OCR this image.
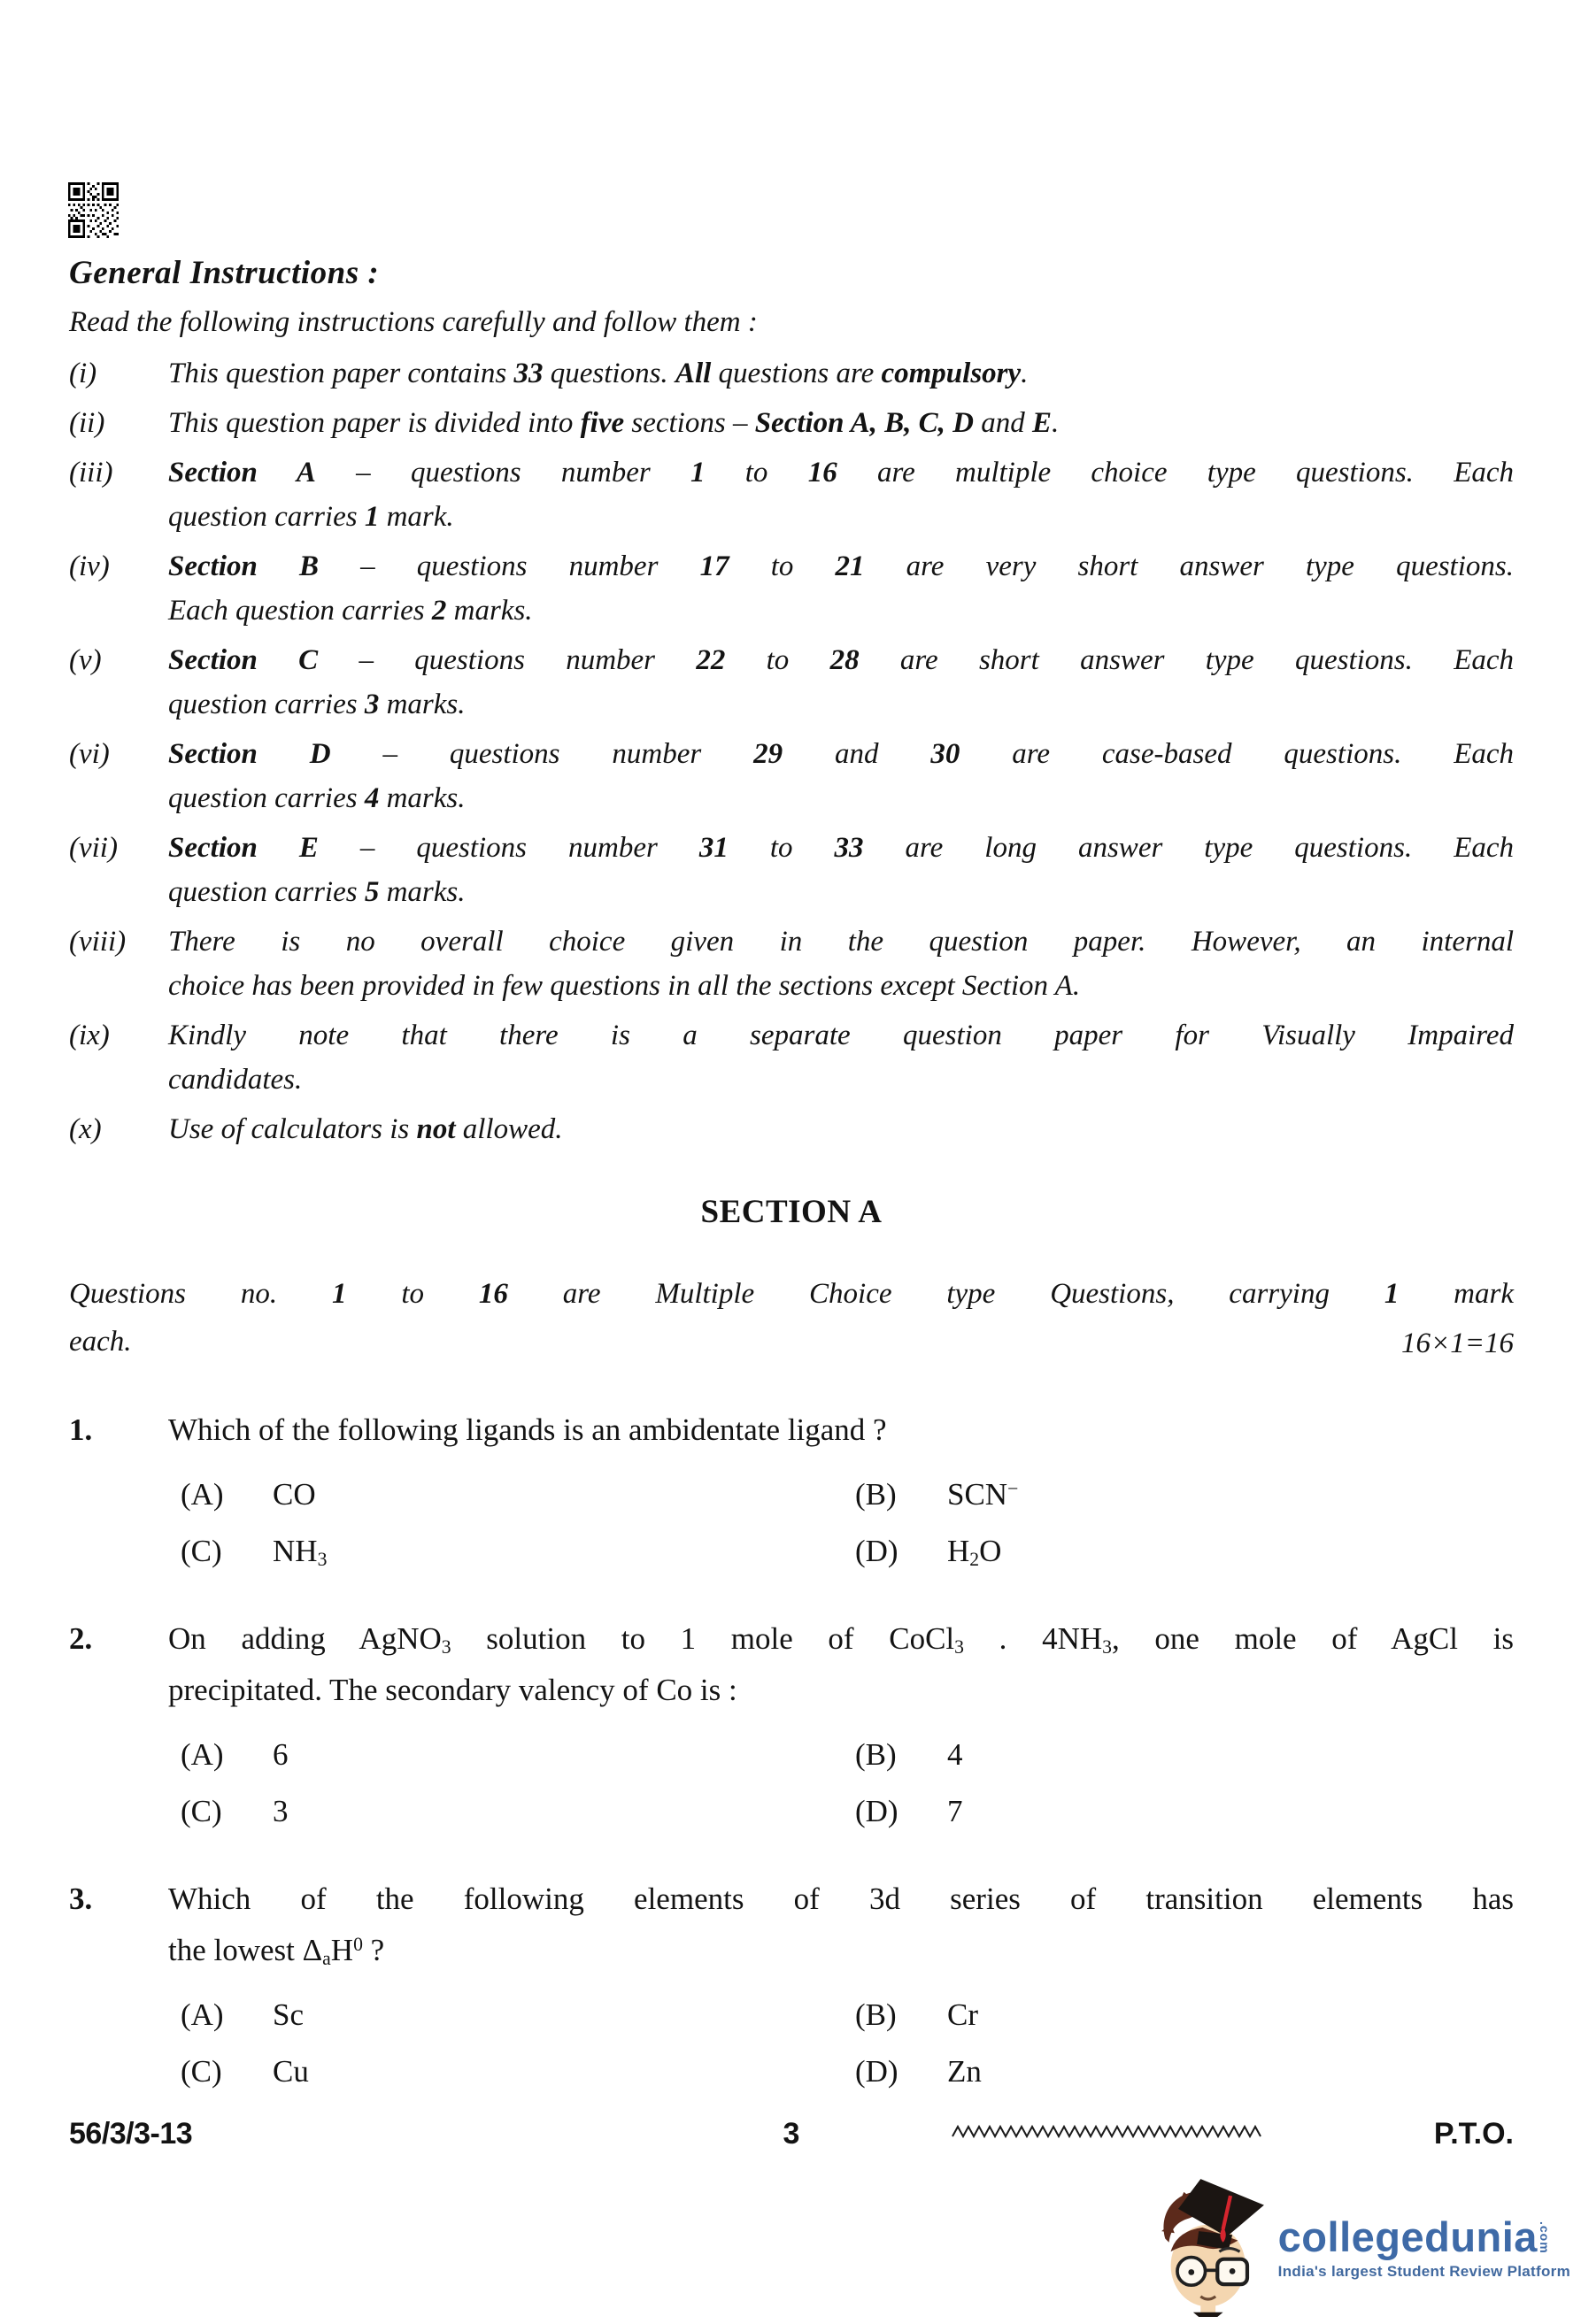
General Instructions :
Read the following instructions carefully and follow them :
(i)	This question paper contains 33 questions. All questions are compulsory.
(ii)	This question paper is divided into five sections – Section A, B, C, D and E.
(iii)	Section A – questions number 1 to 16 are multiple choice type questions. Each
question carries 1 mark.
(iv)	Section B – questions number 17 to 21 are very short answer type questions.
Each question carries 2 marks.
(v)	Section C – questions number 22 to 28 are short answer type questions. Each
question carries 3 marks.
(vi)	Section D – questions number 29 and 30 are case-based questions. Each
question carries 4 marks.
(vii)	Section E – questions number 31 to 33 are long answer type questions. Each
question carries 5 marks.
(viii)	There is no overall choice given in the question paper. However, an internal
choice has been provided in few questions in all the sections except Section A.
(ix)	Kindly note that there is a separate question paper for Visually Impaired
candidates.
(x)	Use of calculators is not allowed.
SECTION A
Questions no. 1 to 16 are Multiple Choice type Questions, carrying 1 mark
each.	16×1=16
1.	Which of the following ligands is an ambidentate ligand ?
(A)	CO	(B)	SCN−
(C)	$NH_3$	(D)	$H_2O$
2.	On adding AgNO$_3$ solution to 1 mole of CoCl$_3$ . $4NH_3$, one mole of AgCl is
precipitated. The secondary valency of Co is :
(A)	6	(B)	4
(C)	3	(D)	7
3.	Which of the following elements of 3d series of transition elements has
the lowest $\Delta_aH^0$ ?
(A)	Sc	(B)	Cr
(C)	Cu	(D)	Zn
56/3/3-13	3	P.T.O.
collegedunia .com
India's largest Student Review Platform
